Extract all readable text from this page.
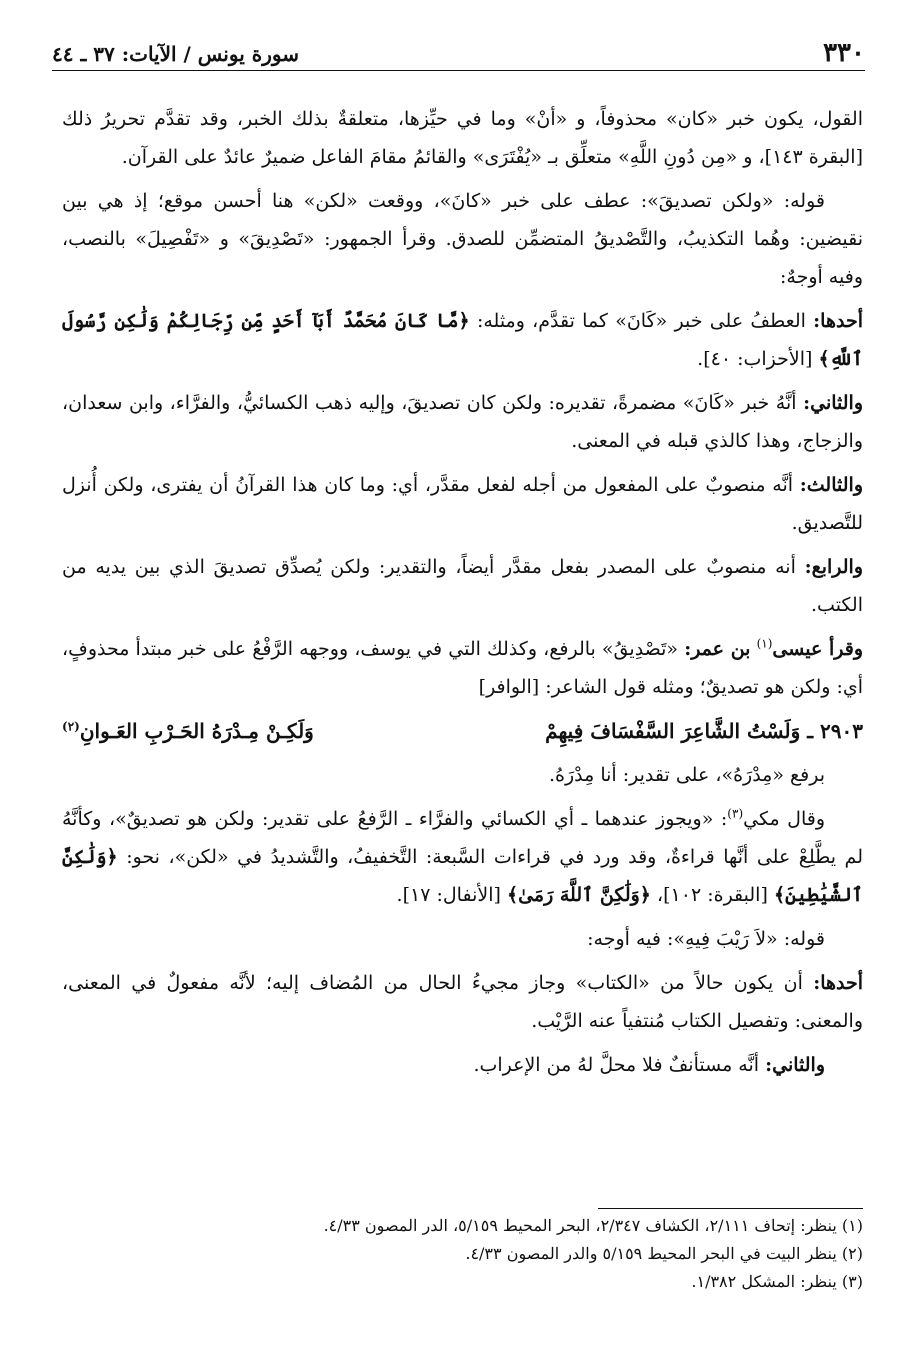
٣٣٠
سورة يونس / الآيات: ٣٧ ـ ٤٤

القول، يكون خبر «كان» محذوفاً، و «أنْ» وما في حيِّزها، متعلقةٌ بذلك الخبر، وقد تقدَّم تحريرُ ذلك [البقرة ١٤٣]، و «مِن دُونِ اللَّهِ» متعلِّق بـ «يُفْتَرَى» والقائمُ مقامَ الفاعل ضميرٌ عائدٌ على القرآن.

قوله: «ولكن تصديقَ»: عطف على خبر «كانَ»، ووقعت «لكن» هنا أحسن موقع؛ إذ هي بين نقيضين: وهُما التكذيبُ، والتَّصْديقُ المتضمِّن للصدق. وقرأ الجمهور: «تَصْدِيقَ» و «تَفْصِيلَ» بالنصب، وفيه أوجهٌ:

أحدها: العطفُ على خبر «كَانَ» كما تقدَّم، ومثله: ﴿مَّا كَانَ مُحَمَّدٌ أَبَآ أَحَدٍ مِّن رِّجَالِكُمْ وَلَٰكِن رَّسُولَ ٱللَّهِ﴾ [الأحزاب: ٤٠].

والثاني: أنَّهُ خبر «كَانَ» مضمرةً، تقديره: ولكن كان تصديقَ، وإليه ذهب الكسائيُّ، والفرَّاء، وابن سعدان، والزجاج، وهذا كالذي قبله في المعنى.

والثالث: أنَّه منصوبٌ على المفعول من أجله لفعل مقدَّر، أي: وما كان هذا القرآنُ أن يفترى، ولكن أُنزل للتَّصديق.

والرابع: أنه منصوبٌ على المصدر بفعل مقدَّر أيضاً، والتقدير: ولكن يُصدِّق تصديقَ الذي بين يديه من الكتب.

وقرأ عيسى$^{(١)}$ بن عمر: «تَصْدِيقُ» بالرفع، وكذلك التي في يوسف، ووجهه الرَّفْعُ على خبر مبتدأ محذوفٍ، أي: ولكن هو تصديقٌ؛ ومثله قول الشاعر: [الوافر]

٢٩٠٣ ـ وَلَسْتُ الشَّاعِرَ السَّفْسَافَ فِيهِمْ
وَلَكِـنْ مِـدْرَهُ الحَـرْبِ العَـوانِ$^{(٢)}$

برفع «مِدْرَهُ»، على تقدير: أنا مِدْرَهُ.

وقال مكي$^{(٣)}$: «ويجوز عندهما ـ أي الكسائي والفرَّاء ـ الرَّفعُ على تقدير: ولكن هو تصديقٌ»، وكأنَّهُ لم يطَّلِعْ على أنَّها قراءةٌ، وقد ورد في قراءات السَّبعة: التَّخفيفُ، والتَّشديدُ في «لكن»، نحو: ﴿وَلَٰكِنَّ ٱلشَّيَٰطِينَ﴾ [البقرة: ١٠٢]، ﴿وَلَٰكِنَّ ٱللَّهَ رَمَىٰ﴾ [الأنفال: ١٧].

قوله: «لاَ رَيْبَ فِيهِ»: فيه أوجه:

أحدها: أن يكون حالاً من «الكتاب» وجاز مجيءُ الحال من المُضاف إليه؛ لأنَّه مفعولٌ في المعنى، والمعنى: وتفصيل الكتاب مُنتفياً عنه الرَّيْب.

والثاني: أنَّه مستأنفٌ فلا محلَّ لهُ من الإعراب.

(١) ينظر: إتحاف ٢/١١١، الكشاف ٢/٣٤٧، البحر المحيط ٥/١٥٩، الدر المصون ٤/٣٣.

(٢) ينظر البيت في البحر المحيط ٥/١٥٩ والدر المصون ٤/٣٣.

(٣) ينظر: المشكل ١/٣٨٢.
